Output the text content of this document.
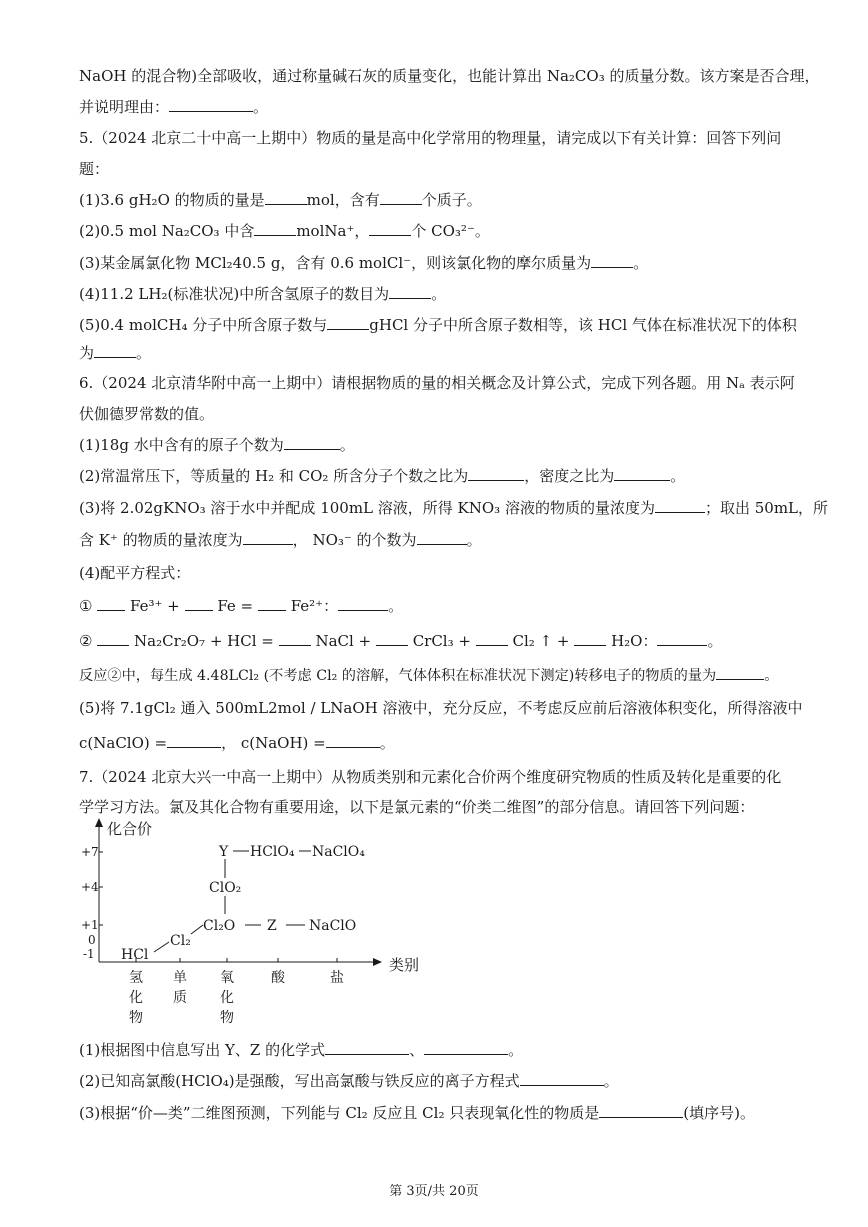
NaOH 的混合物)全部吸收，通过称量碱石灰的质量变化，也能计算出 Na₂CO₃ 的质量分数。该方案是否合理，
并说明理由：	。
5.（2024 北京二十中高一上期中）物质的量是高中化学常用的物理量，请完成以下有关计算：回答下列问
题：
(1)3.6 gH₂O 的物质的量是	mol，含有	个质子。
(2)0.5 mol Na₂CO₃ 中含	molNa⁺，	个 CO₃²⁻。
(3)某金属氯化物 MCl₂40.5 g，含有 0.6 molCl⁻，则该氯化物的摩尔质量为	。
(4)11.2 LH₂(标准状况)中所含氢原子的数目为	。
(5)0.4 molCH₄ 分子中所含原子数与	gHCl 分子中所含原子数相等，该 HCl 气体在标准状况下的体积
为	。
6.（2024 北京清华附中高一上期中）请根据物质的量的相关概念及计算公式，完成下列各题。用 Nₐ 表示阿
伏伽德罗常数的值。
(1)18g 水中含有的原子个数为	。
(2)常温常压下，等质量的 H₂ 和 CO₂ 所含分子个数之比为	，密度之比为	。
(3)将 2.02gKNO₃ 溶于水中并配成 100mL 溶液，所得 KNO₃ 溶液的物质的量浓度为	；取出 50mL，所
含 K⁺ 的物质的量浓度为	， NO₃⁻ 的个数为	。
(4)配平方程式：
①	Fe³⁺ +	Fe =	Fe²⁺：	。
②	Na₂Cr₂O₇ + HCl =	NaCl +	CrCl₃ +	Cl₂ ↑ +	H₂O：	。
反应②中，每生成 4.48LCl₂ (不考虑 Cl₂ 的溶解，气体体积在标准状况下测定)转移电子的物质的量为	。
(5)将 7.1gCl₂ 通入 500mL2mol / LNaOH 溶液中，充分反应，不考虑反应前后溶液体积变化，所得溶液中
c(NaClO) =	， c(NaOH) =	。
7.（2024 北京大兴一中高一上期中）从物质类别和元素化合价两个维度研究物质的性质及转化是重要的化
学学习方法。氯及其化合物有重要用途，以下是氯元素的“价类二维图”的部分信息。请回答下列问题：
化合价
类别
+7
+4
+1
0
-1
氢化物
单质
氧化物
酸	盐
Y HClO₄ NaClO₄
ClO₂
Cl₂O Z NaClO
Cl₂
HCl
(1)根据图中信息写出 Y、Z 的化学式	、	。
(2)已知高氯酸(HClO₄)是强酸，写出高氯酸与铁反应的离子方程式	。
(3)根据“价—类”二维图预测，下列能与 Cl₂ 反应且 Cl₂ 只表现氧化性的物质是	(填序号)。
第 3页/共 20页
